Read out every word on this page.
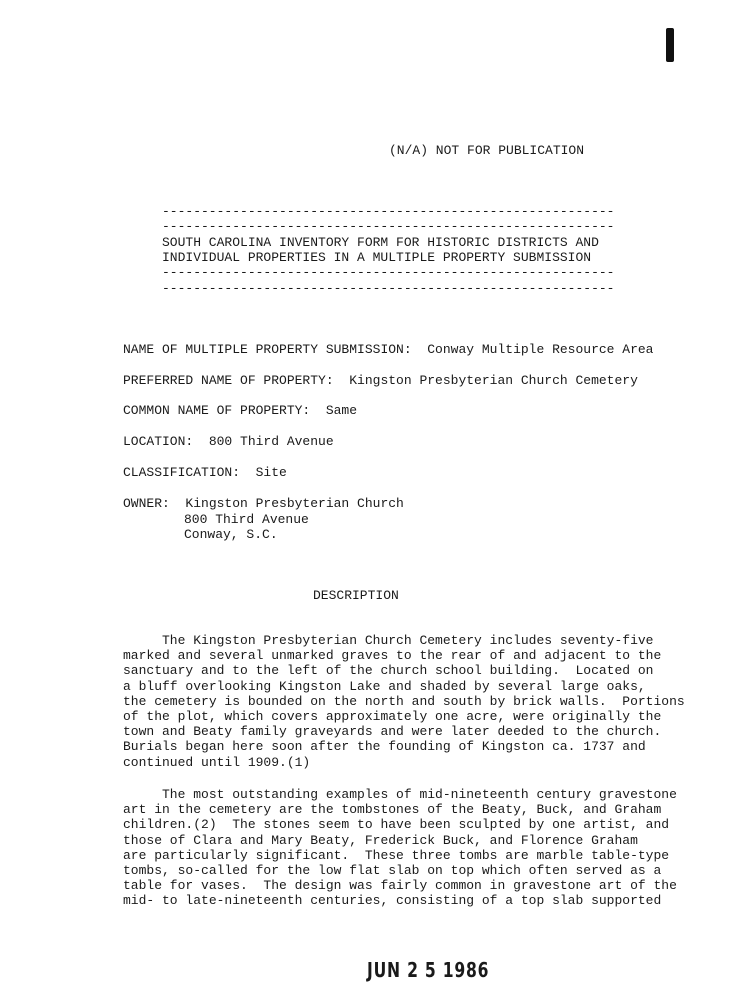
(N/A) NOT FOR PUBLICATION
----------------------------------------------------------
----------------------------------------------------------
SOUTH CAROLINA INVENTORY FORM FOR HISTORIC DISTRICTS AND
INDIVIDUAL PROPERTIES IN A MULTIPLE PROPERTY SUBMISSION
----------------------------------------------------------
----------------------------------------------------------
NAME OF MULTIPLE PROPERTY SUBMISSION:  Conway Multiple Resource Area
PREFERRED NAME OF PROPERTY:  Kingston Presbyterian Church Cemetery
COMMON NAME OF PROPERTY:  Same
LOCATION:  800 Third Avenue
CLASSIFICATION:  Site
OWNER:  Kingston Presbyterian Church
800 Third Avenue
Conway, S.C.
DESCRIPTION

The Kingston Presbyterian Church Cemetery includes seventy-five
marked and several unmarked graves to the rear of and adjacent to the
sanctuary and to the left of the church school building.  Located on
a bluff overlooking Kingston Lake and shaded by several large oaks,
the cemetery is bounded on the north and south by brick walls.  Portions
of the plot, which covers approximately one acre, were originally the
town and Beaty family graveyards and were later deeded to the church.
Burials began here soon after the founding of Kingston ca. 1737 and
continued until 1909.(1)

The most outstanding examples of mid-nineteenth century gravestone
art in the cemetery are the tombstones of the Beaty, Buck, and Graham
children.(2)  The stones seem to have been sculpted by one artist, and
those of Clara and Mary Beaty, Frederick Buck, and Florence Graham
are particularly significant.  These three tombs are marble table-type
tombs, so-called for the low flat slab on top which often served as a
table for vases.  The design was fairly common in gravestone art of the
mid- to late-nineteenth centuries, consisting of a top slab supported

JUN 2 5 1986
